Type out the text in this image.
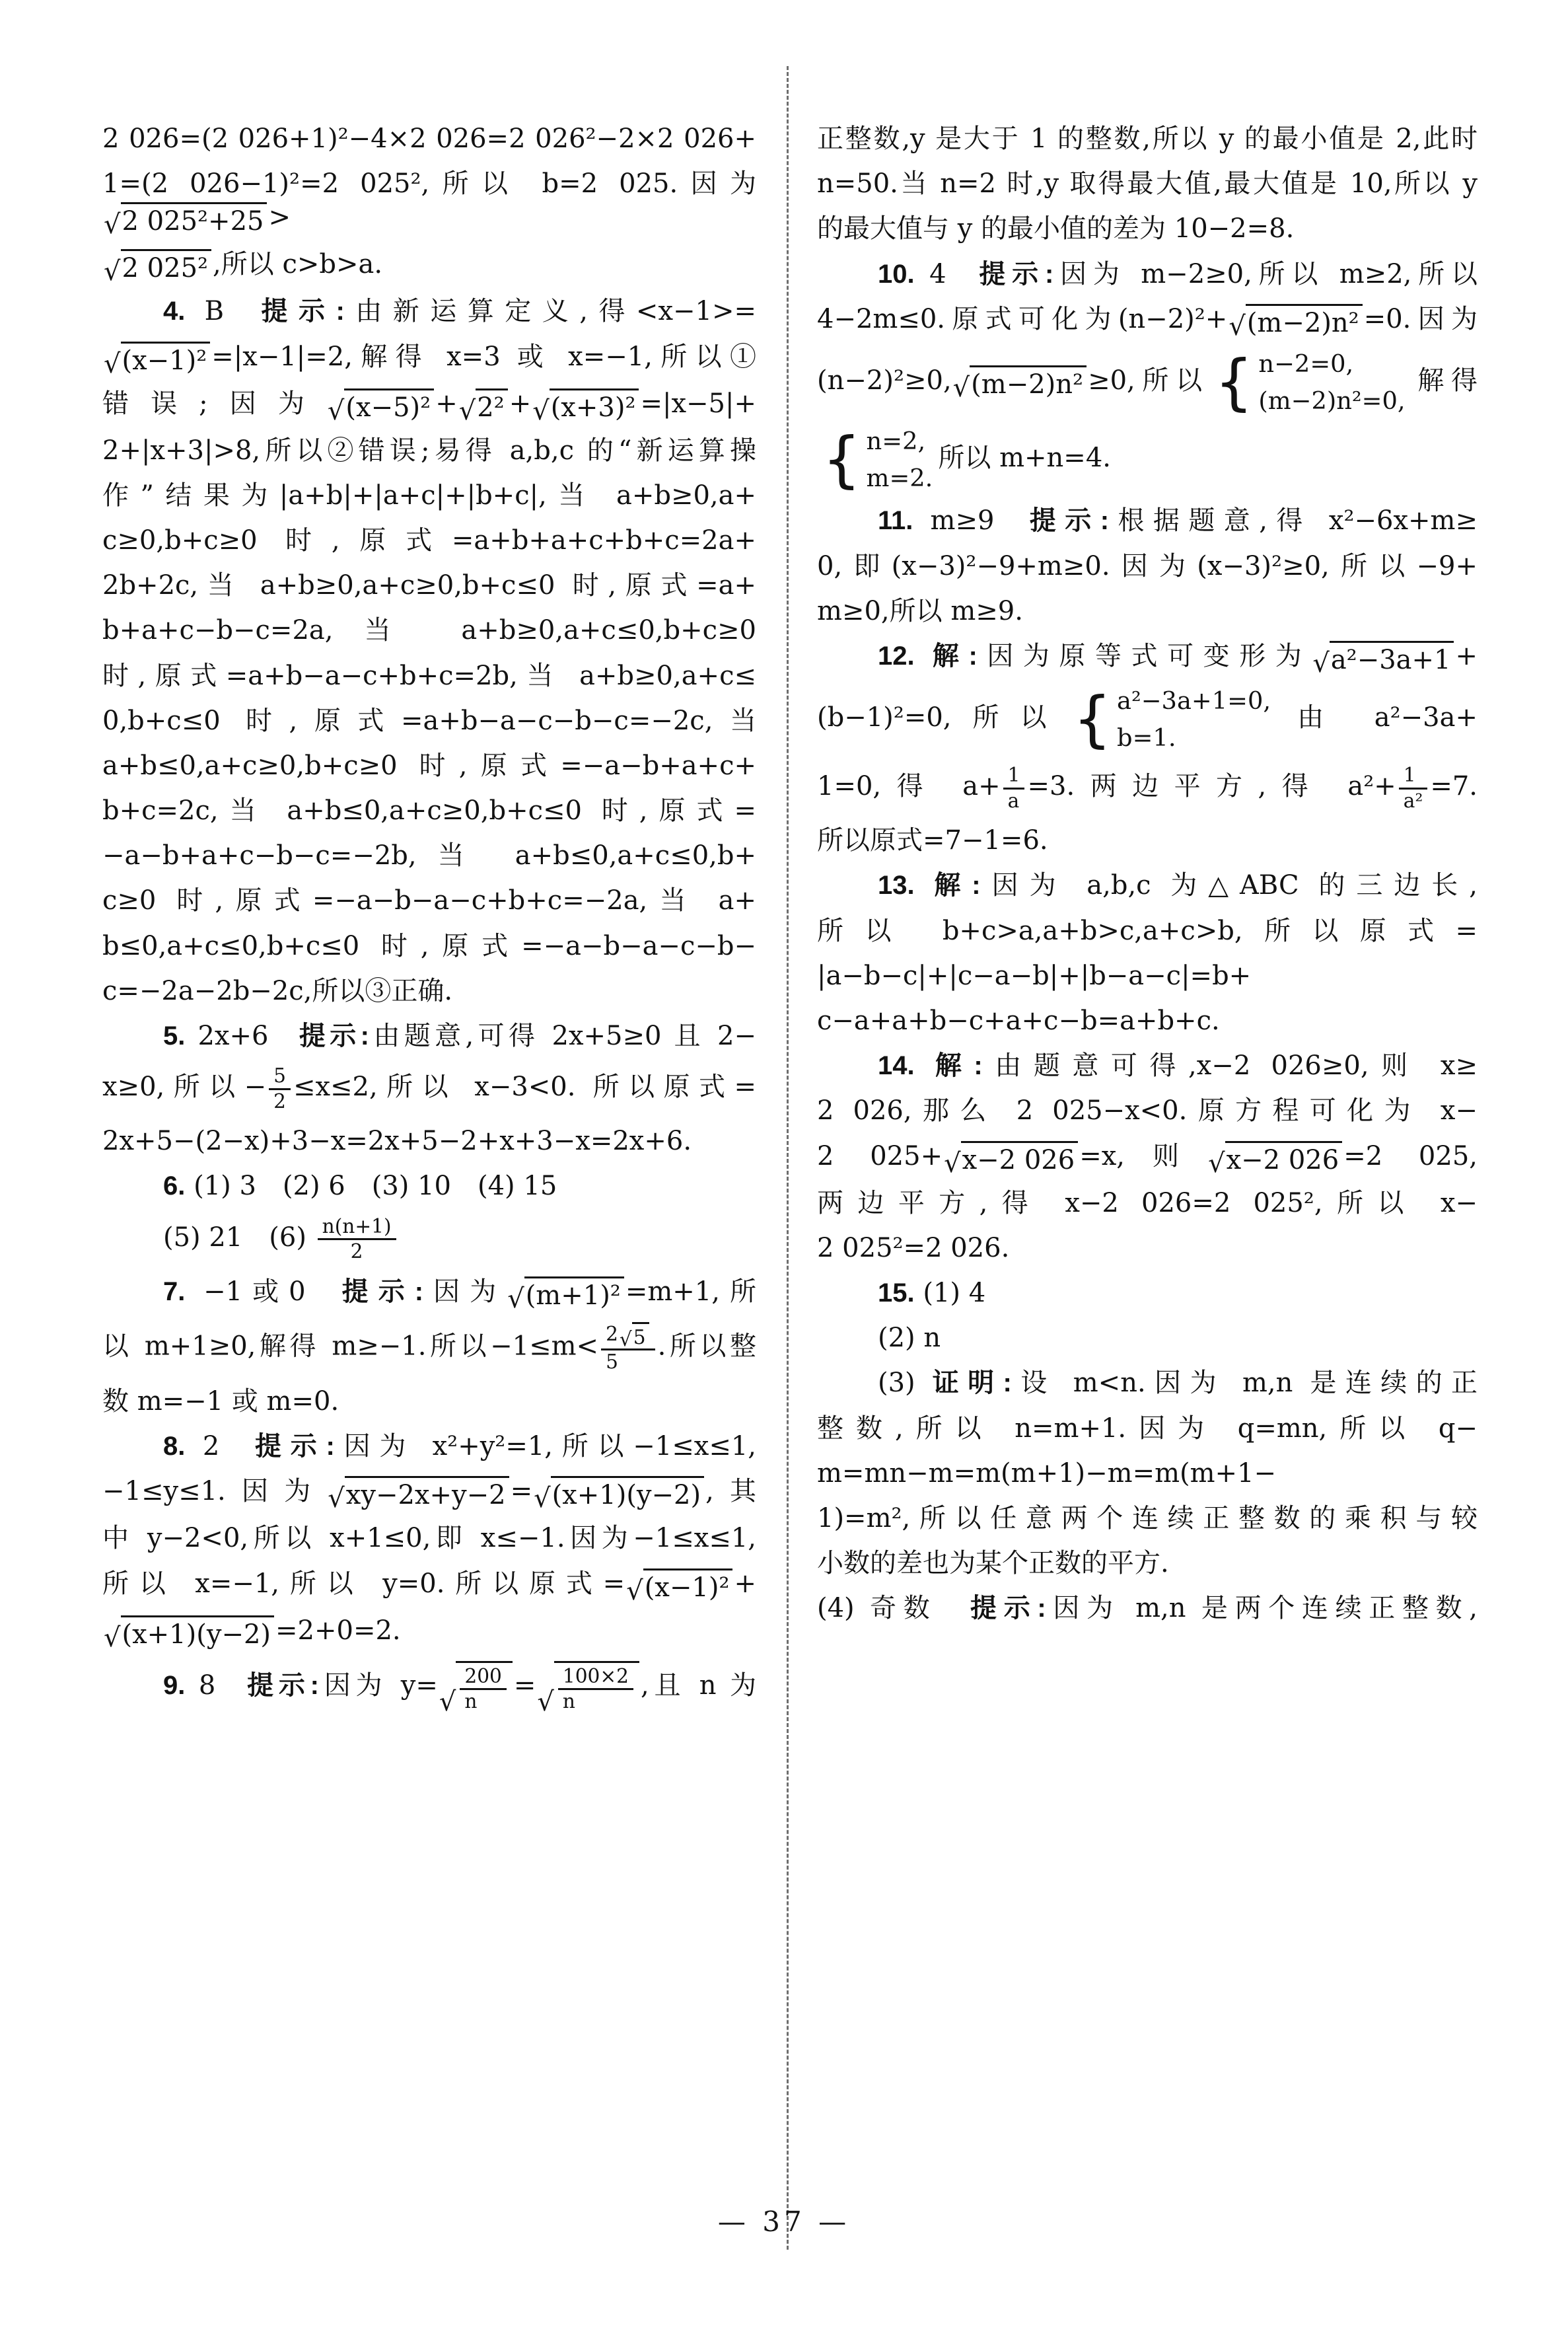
2 026=(2 026+1)²−4×2 026=2 026²−2×2 026+
1=(2 026−1)²=2 025²,所以 b=2 025.因为
√ 2 025²+25 >
√ 2 025² ,所以 c>b>a.
4. B 提示:由新运算定义,得<x−1>=
√ (x−1)² =|x−1|=2,解得 x=3 或 x=−1,所以①
错误;因为 √ (x−5)² + √ 2² + √ (x+3)² =|x−5|+
2+|x+3|>8,所以②错误;易得 a,b,c 的“新运算操
作”结果为|a+b|+|a+c|+|b+c|,当 a+b≥0,a+
c≥0,b+c≥0 时,原式=a+b+a+c+b+c=2a+
2b+2c,当 a+b≥0,a+c≥0,b+c≤0 时,原式=a+
b+a+c−b−c=2a,当 a+b≥0,a+c≤0,b+c≥0
时,原式=a+b−a−c+b+c=2b,当 a+b≥0,a+c≤
0,b+c≤0 时,原式=a+b−a−c−b−c=−2c,当
a+b≤0,a+c≥0,b+c≥0 时,原式=−a−b+a+c+
b+c=2c,当 a+b≤0,a+c≥0,b+c≤0 时,原式=
−a−b+a+c−b−c=−2b,当 a+b≤0,a+c≤0,b+
c≥0 时,原式=−a−b−a−c+b+c=−2a,当 a+
b≤0,a+c≤0,b+c≤0 时,原式=−a−b−a−c−b−
c=−2a−2b−2c,所以③正确.
5. 2x+6 提示:由题意,可得 2x+5≥0 且 2−
x≥0,所以− $\frac{5}{2} \le x\le 2$,所以 x−3<0. 所以原式=
2x+5−(2−x)+3−x=2x+5−2+x+3−x=2x+6.
6. (1) 3 (2) 6 (3) 10 (4) 15
(5) 21 $(6) \frac{n(n+1)}{2}$
7. −1或0 提示:因为 √ (m+1)² =m+1,所
以 m+1≥0,解得 m≥−1.所以$-1\le m< \frac{2 √ 5}{5}$ .所以整
数 m=−1 或 m=0.
8. 2 提示:因为 x²+y²=1,所以−1≤x≤1,
−1≤y≤1.因为 √ xy−2x+y−2 = √ (x+1)(y−2) ,其
中 y−2<0,所以 x+1≤0,即 x≤−1.因为−1≤x≤1,
所以 x=−1,所以 y=0.所以原式= √ (x−1)² +
√ (x+1)(y−2) =2+0=2.
9. 8 提示:因为 y=
√ $\frac{200}{n}$ =
√ $\frac{100\times 2}{n}$ ,且 n 为
正整数,y 是大于 1 的整数,所以 y 的最小值是 2,此时
n=50.当 n=2 时,y 取得最大值,最大值是 10,所以 y
的最大值与 y 的最小值的差为 10−2=8.
10. 4 提示:因为 m−2≥0,所以 m≥2,所以
4−2m≤0.原式可化为(n−2)²+ √ (m−2)n² =0.因为
(n−2)²≥0, √ (m−2)n² ≥0,所以 { n−2=0,
(m−2)n²=0,
解得
{ n=2,
m=2.
所以 m+n=4.
11. m≥9 提示:根据题意,得 x²−6x+m≥
0,即(x−3)²−9+m≥0.因为(x−3)²≥0,所以−9+
m≥0,所以 m≥9.
12. 解:因为原等式可变形为 √ a²−3a+1 +
(b−1)²=0,所以 { a²−3a+1=0,
b=1.
由 a²−3a+
1=0,得 $a+ \frac{1}{a} =3$.两边平方,得 $a^2+ \frac{1}{\text{a²}} =7$.
所以原式=7−1=6.
13. 解:因为 a,b,c 为△ABC 的三边长,
所以 b+c>a,a+b>c,a+c>b,所以原式=
|a−b−c|+|c−a−b|+|b−a−c|=b+
c−a+a+b−c+a+c−b=a+b+c.
14. 解:由题意可得,x−2 026≥0,则 x≥
2 026,那么 2 025−x<0.原方程可化为 x−
2 025+ √ x−2 026 =x,则 √ x−2 026 =2 025,
两边平方,得 x−2 026=2 025²,所以 x−
2 025²=2 026.
15. (1) 4
(2) n
(3) 证明:设 m<n.因为 m,n 是连续的正
整数,所以 n=m+1.因为 q=mn,所以 q−
m=mn−m=m(m+1)−m=m(m+1−
1)=m²,所以任意两个连续正整数的乘积与较
小数的差也为某个正数的平方.
(4) 奇数 提示:因为 m,n 是两个连续正整数,
— 37 —
